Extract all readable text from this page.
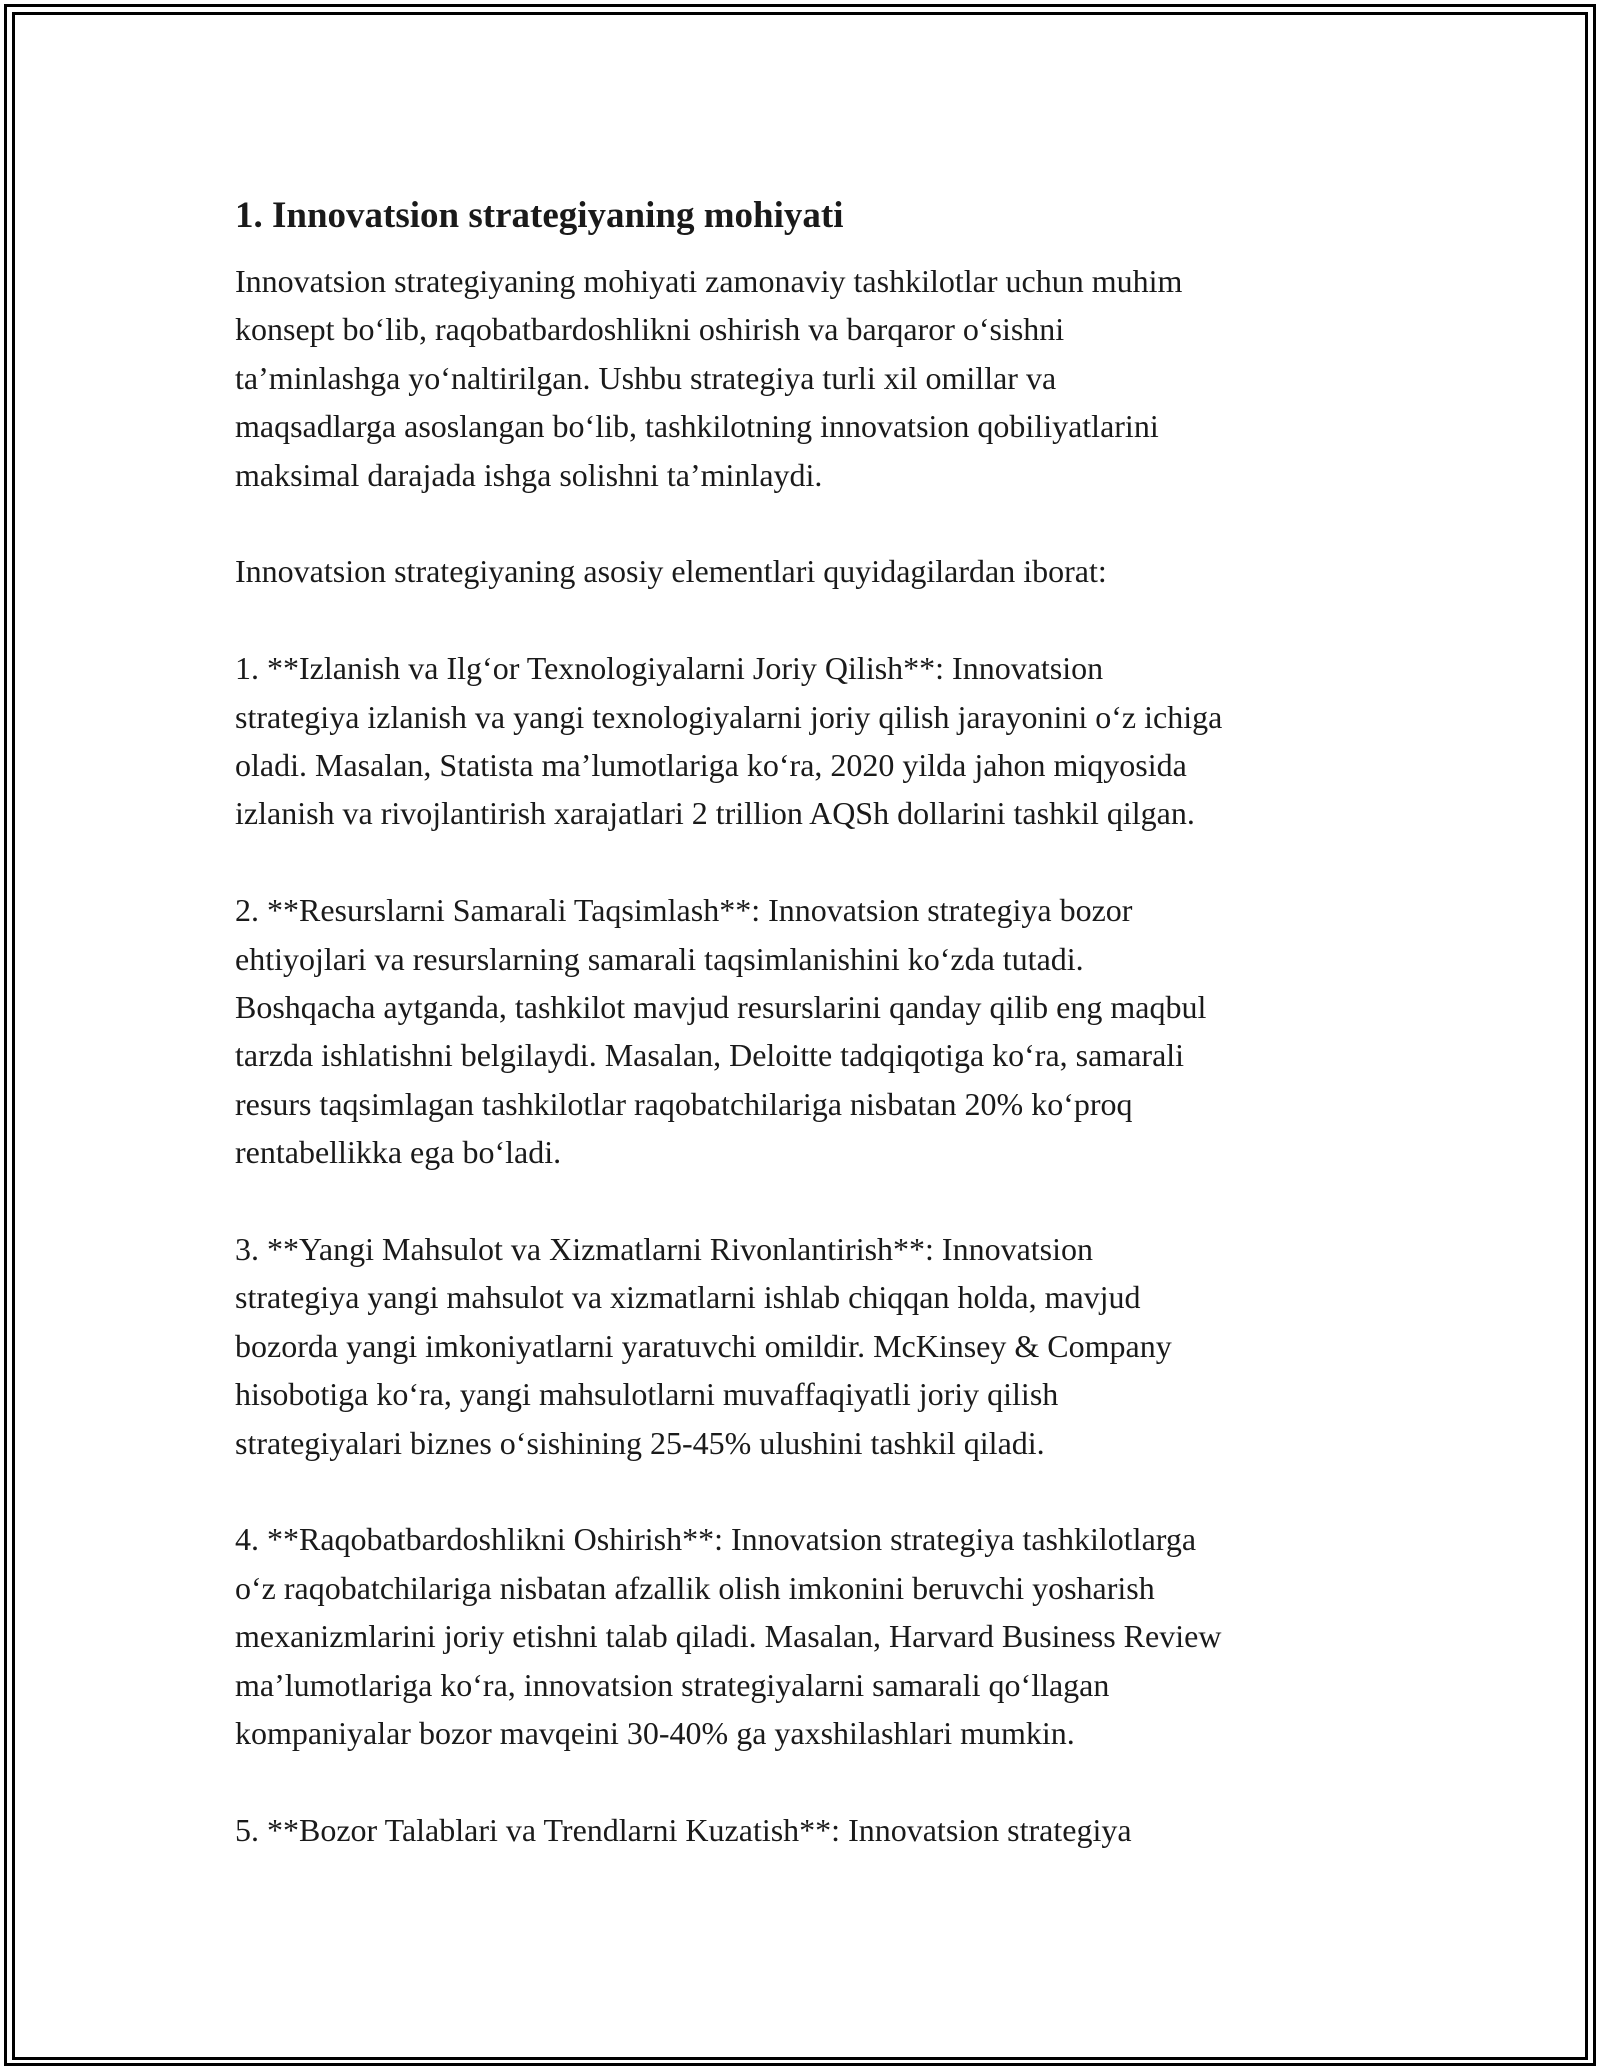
1. Innovatsion strategiyaning mohiyati
Innovatsion strategiyaning mohiyati zamonaviy tashkilotlar uchun muhim
konsept bo‘lib, raqobatbardoshlikni oshirish va barqaror o‘sishni
ta’minlashga yo‘naltirilgan. Ushbu strategiya turli xil omillar va
maqsadlarga asoslangan bo‘lib, tashkilotning innovatsion qobiliyatlarini
maksimal darajada ishga solishni ta’minlaydi.
Innovatsion strategiyaning asosiy elementlari quyidagilardan iborat:
1. **Izlanish va Ilg‘or Texnologiyalarni Joriy Qilish**: Innovatsion
strategiya izlanish va yangi texnologiyalarni joriy qilish jarayonini o‘z ichiga
oladi. Masalan, Statista ma’lumotlariga ko‘ra, 2020 yilda jahon miqyosida
izlanish va rivojlantirish xarajatlari 2 trillion AQSh dollarini tashkil qilgan.
2. **Resurslarni Samarali Taqsimlash**: Innovatsion strategiya bozor
ehtiyojlari va resurslarning samarali taqsimlanishini ko‘zda tutadi.
Boshqacha aytganda, tashkilot mavjud resurslarini qanday qilib eng maqbul
tarzda ishlatishni belgilaydi. Masalan, Deloitte tadqiqotiga ko‘ra, samarali
resurs taqsimlagan tashkilotlar raqobatchilariga nisbatan 20% ko‘proq
rentabellikka ega bo‘ladi.
3. **Yangi Mahsulot va Xizmatlarni Rivonlantirish**: Innovatsion
strategiya yangi mahsulot va xizmatlarni ishlab chiqqan holda, mavjud
bozorda yangi imkoniyatlarni yaratuvchi omildir. McKinsey & Company
hisobotiga ko‘ra, yangi mahsulotlarni muvaffaqiyatli joriy qilish
strategiyalari biznes o‘sishining 25-45% ulushini tashkil qiladi.
4. **Raqobatbardoshlikni Oshirish**: Innovatsion strategiya tashkilotlarga
o‘z raqobatchilariga nisbatan afzallik olish imkonini beruvchi yosharish
mexanizmlarini joriy etishni talab qiladi. Masalan, Harvard Business Review
ma’lumotlariga ko‘ra, innovatsion strategiyalarni samarali qo‘llagan
kompaniyalar bozor mavqeini 30-40% ga yaxshilashlari mumkin.
5. **Bozor Talablari va Trendlarni Kuzatish**: Innovatsion strategiya
